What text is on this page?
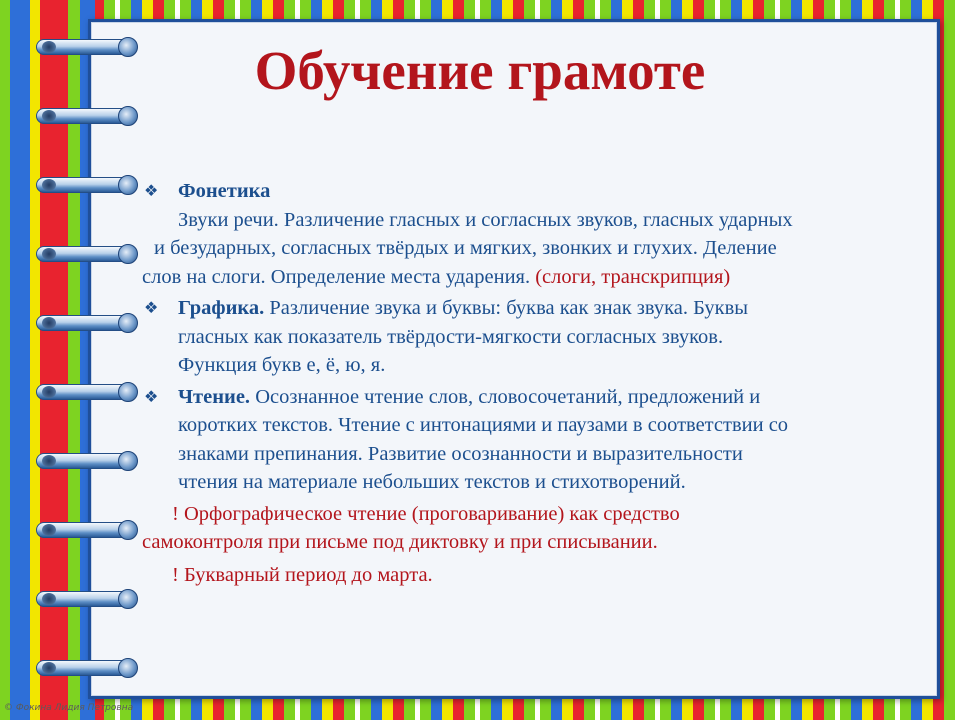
Обучение грамоте
❖ Фонетика
Звуки речи. Различение гласных и согласных звуков, гласных ударных
и безударных, согласных твёрдых и мягких, звонких и глухих. Деление
слов на слоги. Определение места ударения. (слоги, транскрипция)
❖ Графика. Различение звука и буквы: буква как знак звука. Буквы
гласных как показатель твёрдости-мягкости согласных звуков.
Функция букв е, ё, ю, я.
❖ Чтение. Осознанное чтение слов, словосочетаний, предложений и
коротких текстов. Чтение с интонациями и паузами в соответствии со
знаками препинания. Развитие осознанности и выразительности
чтения на материале небольших текстов и стихотворений.
! Орфографическое чтение (проговаривание) как средство
самоконтроля при письме под диктовку и при списывании.
! Букварный период до марта.
© Фокина Лидия Петровна
